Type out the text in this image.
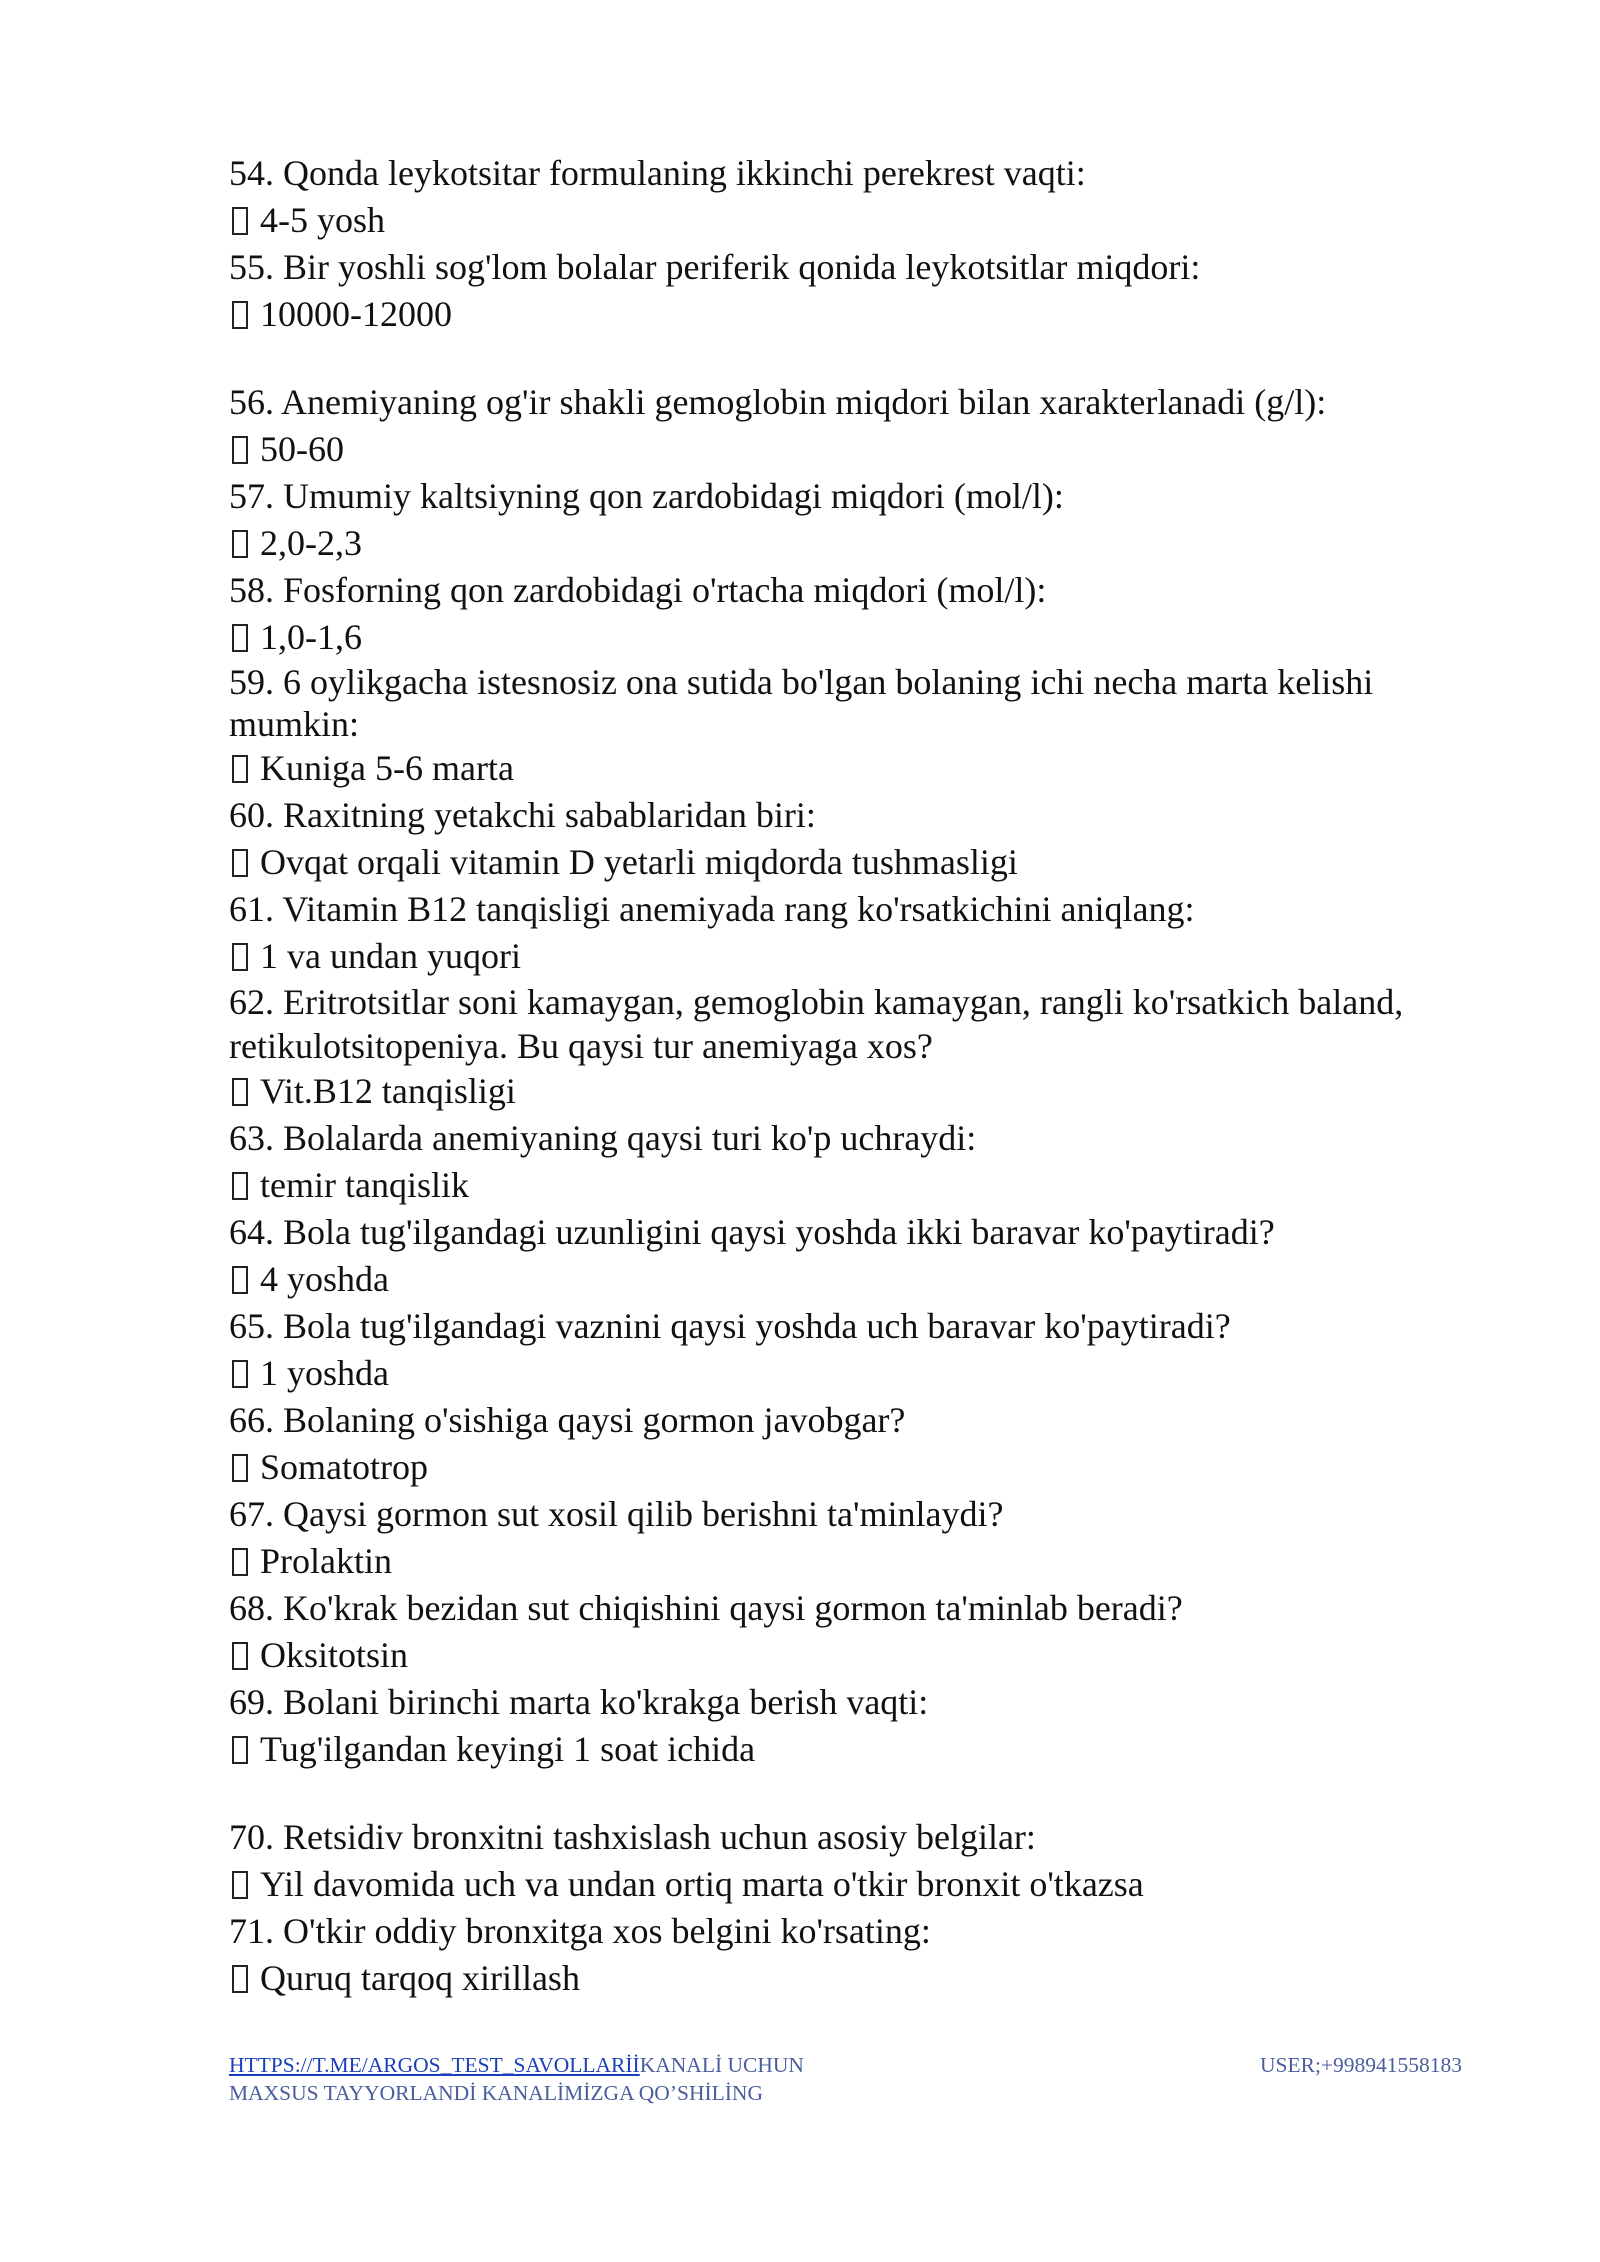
54. Qonda leykotsitar formulaning ikkinchi perekrest vaqti:
4-5 yosh
55. Bir yoshli sog'lom bolalar periferik qonida leykotsitlar miqdori:
10000-12000
56. Anemiyaning og'ir shakli gemoglobin miqdori bilan xarakterlanadi (g/l):
50-60
57. Umumiy kaltsiyning qon zardobidagi miqdori (mol/l):
2,0-2,3
58. Fosforning qon zardobidagi o'rtacha miqdori (mol/l):
1,0-1,6
59. 6 oylikgacha istesnosiz ona sutida bo'lgan bolaning ichi necha marta kelishi mumkin:
Kuniga 5-6 marta
60. Raxitning yetakchi sabablaridan biri:
Ovqat orqali vitamin D yetarli miqdorda tushmasligi
61. Vitamin B12 tanqisligi anemiyada rang ko'rsatkichini aniqlang:
1 va undan yuqori
62. Eritrotsitlar soni kamaygan, gemoglobin kamaygan, rangli ko'rsatkich baland, retikulotsitopeniya. Bu qaysi tur anemiyaga xos?
Vit.B12 tanqisligi
63. Bolalarda anemiyaning qaysi turi ko'p uchraydi:
temir tanqislik
64. Bola tug'ilgandagi uzunligini qaysi yoshda ikki baravar ko'paytiradi?
4 yoshda
65. Bola tug'ilgandagi vaznini qaysi yoshda uch baravar ko'paytiradi?
1 yoshda
66. Bolaning o'sishiga qaysi gormon javobgar?
Somatotrop
67. Qaysi gormon sut xosil qilib berishni ta'minlaydi?
Prolaktin
68. Ko'krak bezidan sut chiqishini qaysi gormon ta'minlab beradi?
Oksitotsin
69. Bolani birinchi marta ko'krakga berish vaqti:
Tug'ilgandan keyingi 1 soat ichida
70. Retsidiv bronxitni tashxislash uchun asosiy belgilar:
Yil davomida uch va undan ortiq marta o'tkir bronxit o'tkazsa
71. O'tkir oddiy bronxitga xos belgini ko'rsating:
Quruq tarqoq xirillash
HTTPS://T.ME/ARGOS_TEST_SAVOLLARİİKANALİ UCHUN MAXSUS TAYYORLANDİ KANALİMİZGA QO’SHİLİNG
USER;+998941558183
